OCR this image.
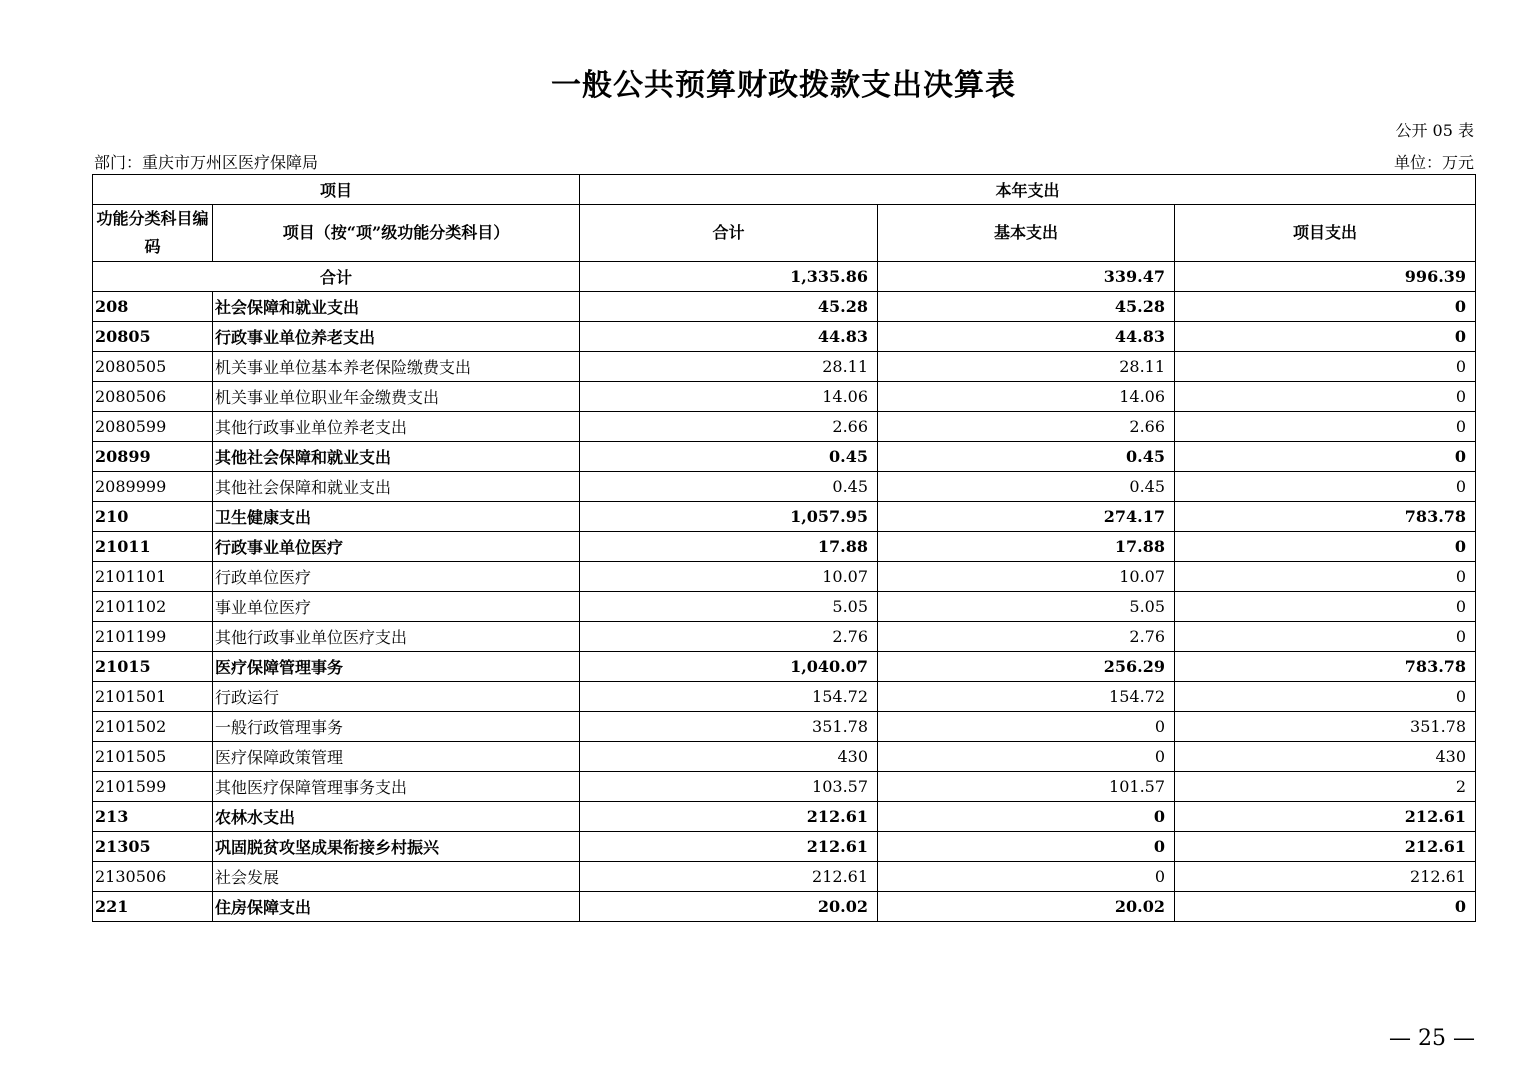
一般公共预算财政拨款支出决算表
公开 05 表
部门：重庆市万州区医疗保障局	单位：万元
项目		本年支出		
功能分类科目编码	项目（按“项”级功能分类科目）	合计	基本支出	项目支出
合计		1,335.86	339.47	996.39
208	社会保障和就业支出	45.28	45.28	0
20805	行政事业单位养老支出	44.83	44.83	0
2080505	机关事业单位基本养老保险缴费支出	28.11	28.11	0
2080506	机关事业单位职业年金缴费支出	14.06	14.06	0
2080599	其他行政事业单位养老支出	2.66	2.66	0
20899	其他社会保障和就业支出	0.45	0.45	0
2089999	其他社会保障和就业支出	0.45	0.45	0
210	卫生健康支出	1,057.95	274.17	783.78
21011	行政事业单位医疗	17.88	17.88	0
2101101	行政单位医疗	10.07	10.07	0
2101102	事业单位医疗	5.05	5.05	0
2101199	其他行政事业单位医疗支出	2.76	2.76	0
21015	医疗保障管理事务	1,040.07	256.29	783.78
2101501	行政运行	154.72	154.72	0
2101502	一般行政管理事务	351.78	0	351.78
2101505	医疗保障政策管理	430	0	430
2101599	其他医疗保障管理事务支出	103.57	101.57	2
213	农林水支出	212.61	0	212.61
21305	巩固脱贫攻坚成果衔接乡村振兴	212.61	0	212.61
2130506	社会发展	212.61	0	212.61
221	住房保障支出	20.02	20.02	0
— 25 —
